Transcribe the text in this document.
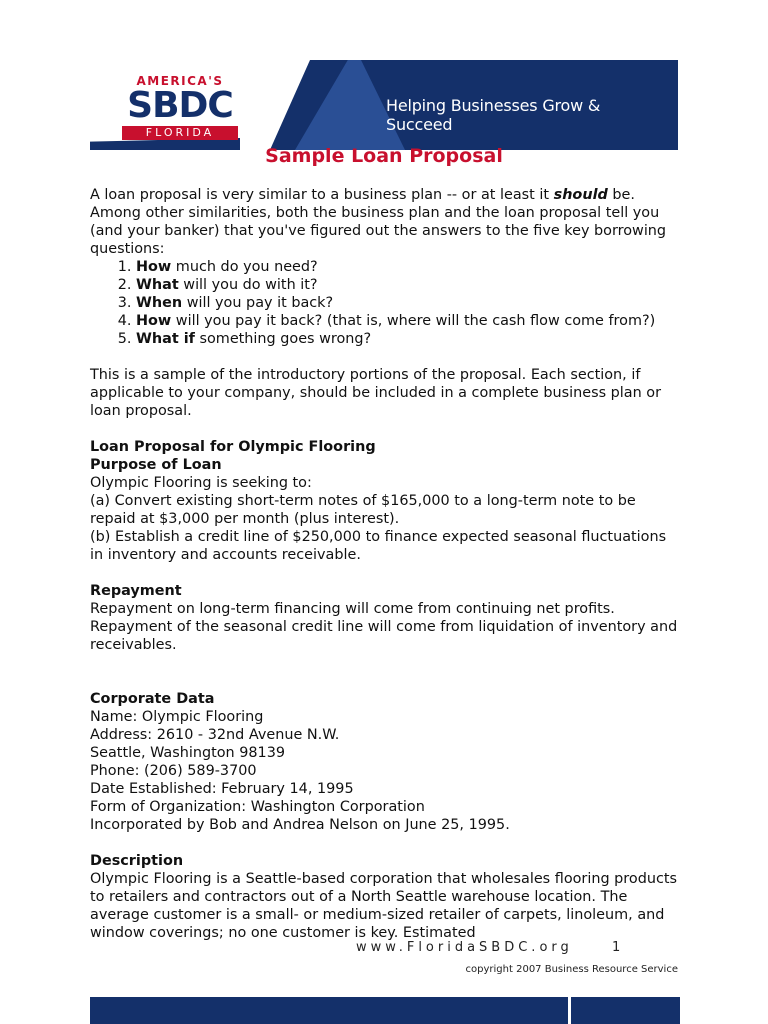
Helping Businesses Grow & Succeed
AMERICA'S
SBDC
FLORIDA
Sample Loan Proposal

A loan proposal is very similar to a business plan -- or at least it should be. Among other similarities, both the business plan and the loan proposal tell you (and your banker) that you've figured out the answers to the five key borrowing questions:

1. How much do you need?
2. What will you do with it?
3. When will you pay it back?
4. How will you pay it back? (that is, where will the cash flow come from?)
5. What if something goes wrong?

This is a sample of the introductory portions of the proposal. Each section, if applicable to your company, should be included in a complete business plan or loan proposal.

Loan Proposal for Olympic Flooring

Purpose of Loan

Olympic Flooring is seeking to:

(a) Convert existing short-term notes of $165,000 to a long-term note to be repaid at $3,000 per month (plus interest).

(b) Establish a credit line of $250,000 to finance expected seasonal fluctuations in inventory and accounts receivable.

Repayment

Repayment on long-term financing will come from continuing net profits. Repayment of the seasonal credit line will come from liquidation of inventory and receivables.

Corporate Data

Name: Olympic Flooring

Address: 2610 - 32nd Avenue N.W.

Seattle, Washington 98139

Phone: (206) 589-3700

Date Established: February 14, 1995

Form of Organization: Washington Corporation

Incorporated by Bob and Andrea Nelson on June 25, 1995.

Description

Olympic Flooring is a Seattle-based corporation that wholesales flooring products to retailers and contractors out of a North Seattle warehouse location. The average customer is a small- or medium-sized retailer of carpets, linoleum, and window coverings; no one customer is key. Estimated

www.FloridaSBDC.org	1
copyright 2007 Business Resource Service
